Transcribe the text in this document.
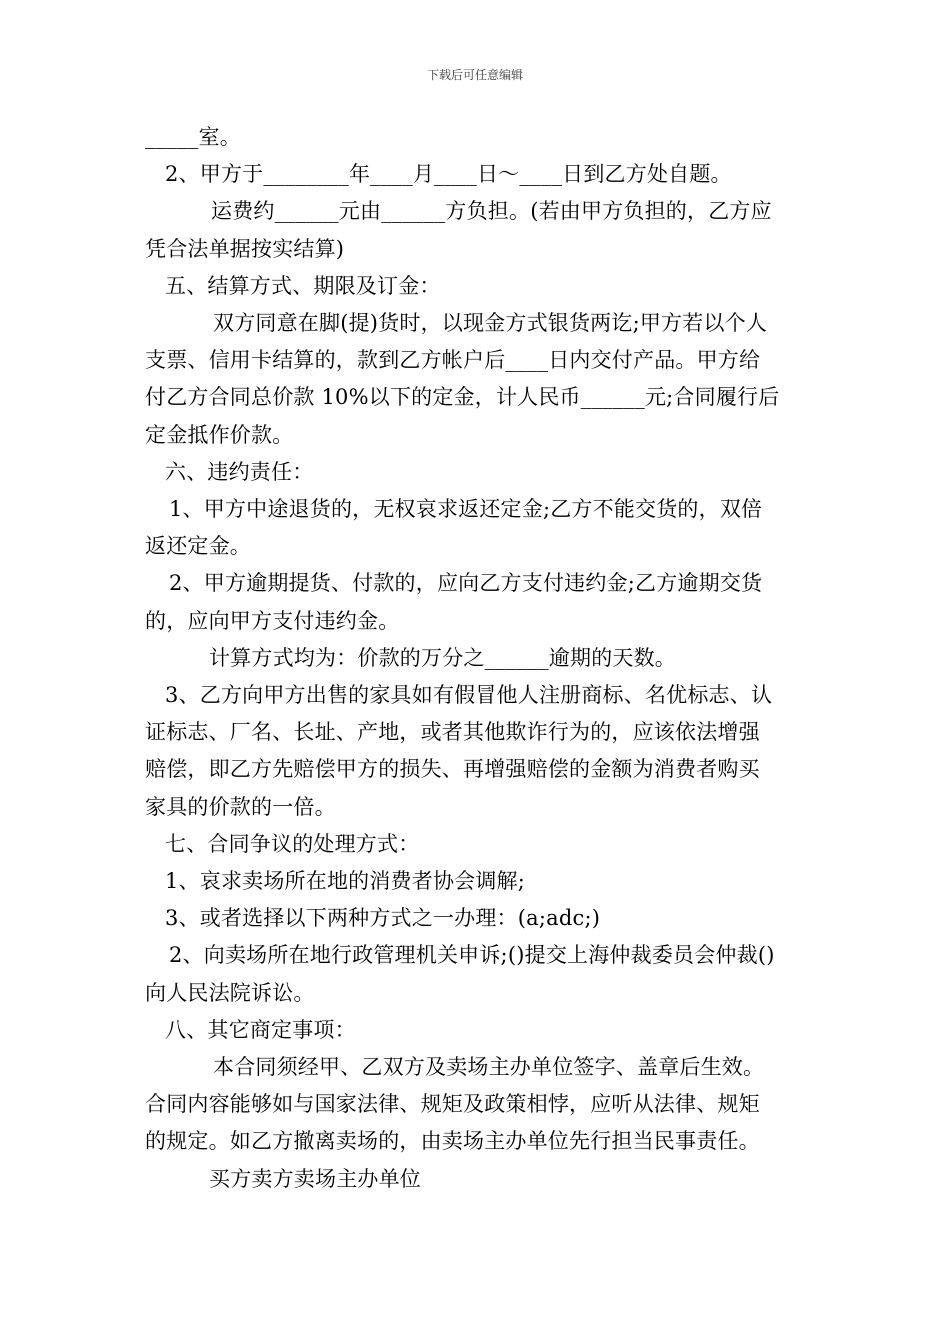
下载后可任意编辑

_____室。

2、甲方于________年____月____日～____日到乙方处自题。

运费约______元由______方负担。(若由甲方负担的，乙方应

凭合法单据按实结算)

五、结算方式、期限及订金：

双方同意在脚(提)货时，以现金方式银货两讫;甲方若以个人

支票、信用卡结算的，款到乙方帐户后____日内交付产品。甲方给

付乙方合同总价款 10%以下的定金，计人民币______元;合同履行后

定金抵作价款。

六、违约责任：

1、甲方中途退货的，无权哀求返还定金;乙方不能交货的，双倍

返还定金。

2、甲方逾期提货、付款的，应向乙方支付违约金;乙方逾期交货

的，应向甲方支付违约金。

计算方式均为：价款的万分之______逾期的天数。

3、乙方向甲方出售的家具如有假冒他人注册商标、名优标志、认

证标志、厂名、长址、产地，或者其他欺诈行为的，应该依法增强

赔偿，即乙方先赔偿甲方的损失、再增强赔偿的金额为消费者购买

家具的价款的一倍。

七、合同争议的处理方式：

1、哀求卖场所在地的消费者协会调解;

3、或者选择以下两种方式之一办理：(a;adc;)

2、向卖场所在地行政管理机关申诉;()提交上海仲裁委员会仲裁()

向人民法院诉讼。

八、其它商定事项：

本合同须经甲、乙双方及卖场主办单位签字、盖章后生效。

合同内容能够如与国家法律、规矩及政策相悖，应听从法律、规矩

的规定。如乙方撤离卖场的，由卖场主办单位先行担当民事责任。

买方卖方卖场主办单位
